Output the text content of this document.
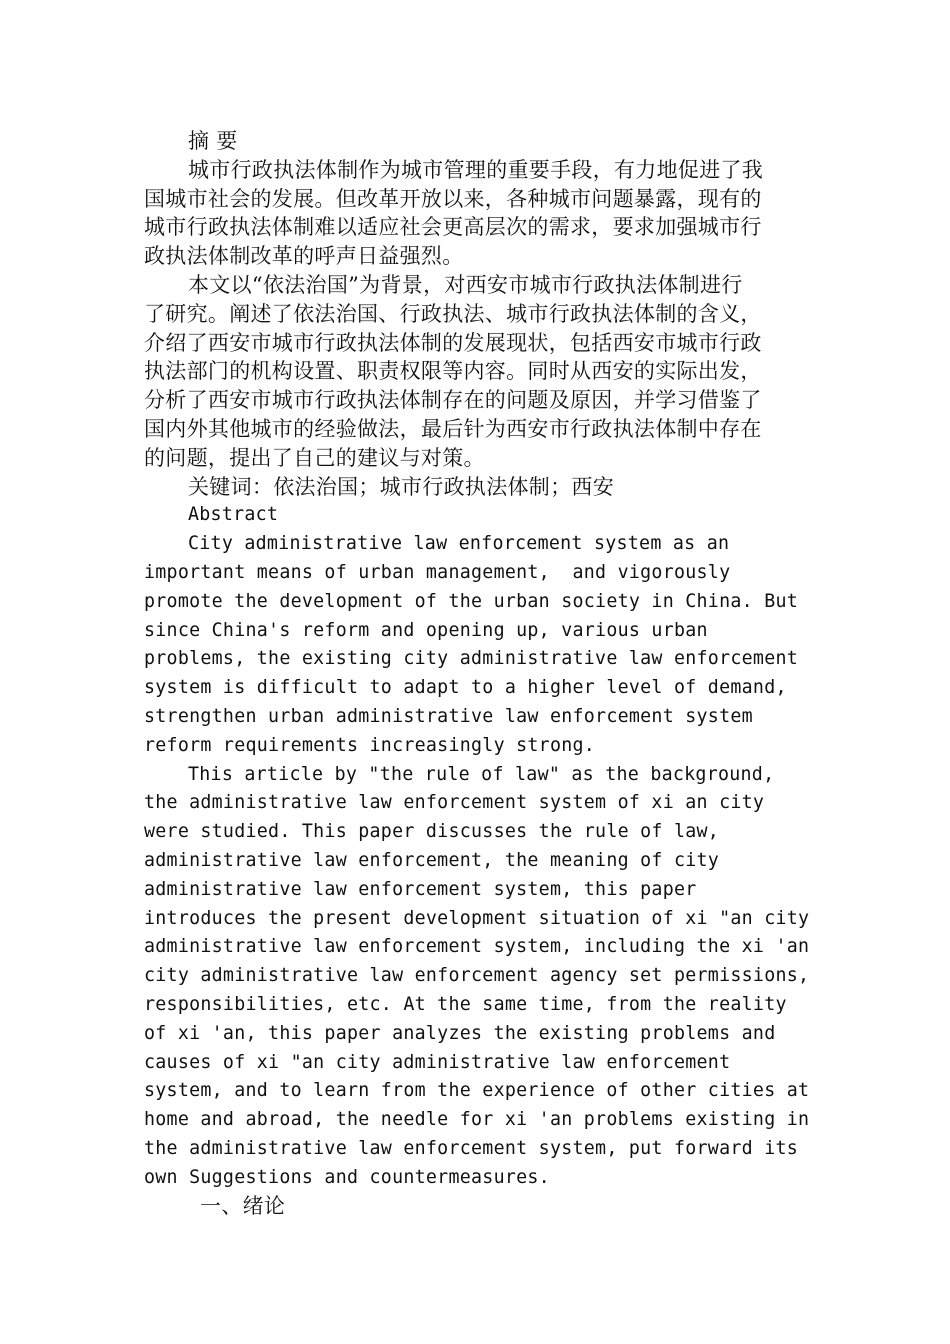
摘 要

城市行政执法体制作为城市管理的重要手段，有力地促进了我

国城市社会的发展。但改革开放以来，各种城市问题暴露，现有的

城市行政执法体制难以适应社会更高层次的需求，要求加强城市行

政执法体制改革的呼声日益强烈。

本文以“依法治国”为背景，对西安市城市行政执法体制进行

了研究。阐述了依法治国、行政执法、城市行政执法体制的含义，

介绍了西安市城市行政执法体制的发展现状，包括西安市城市行政

执法部门的机构设置、职责权限等内容。同时从西安的实际出发，

分析了西安市城市行政执法体制存在的问题及原因，并学习借鉴了

国内外其他城市的经验做法，最后针为西安市行政执法体制中存在

的问题，提出了自己的建议与对策。

关键词：依法治国；城市行政执法体制；西安

Abstract

City administrative law enforcement system as an

important means of urban management,  and vigorously

promote the development of the urban society in China. But

since China's reform and opening up, various urban

problems, the existing city administrative law enforcement

system is difficult to adapt to a higher level of demand,

strengthen urban administrative law enforcement system

reform requirements increasingly strong.

This article by "the rule of law" as the background,

the administrative law enforcement system of xi an city

were studied. This paper discusses the rule of law,

administrative law enforcement, the meaning of city

administrative law enforcement system, this paper

introduces the present development situation of xi "an city

administrative law enforcement system, including the xi 'an

city administrative law enforcement agency set permissions,

responsibilities, etc. At the same time, from the reality

of xi 'an, this paper analyzes the existing problems and

causes of xi "an city administrative law enforcement

system, and to learn from the experience of other cities at

home and abroad, the needle for xi 'an problems existing in

the administrative law enforcement system, put forward its

own Suggestions and countermeasures.

一、绪论
